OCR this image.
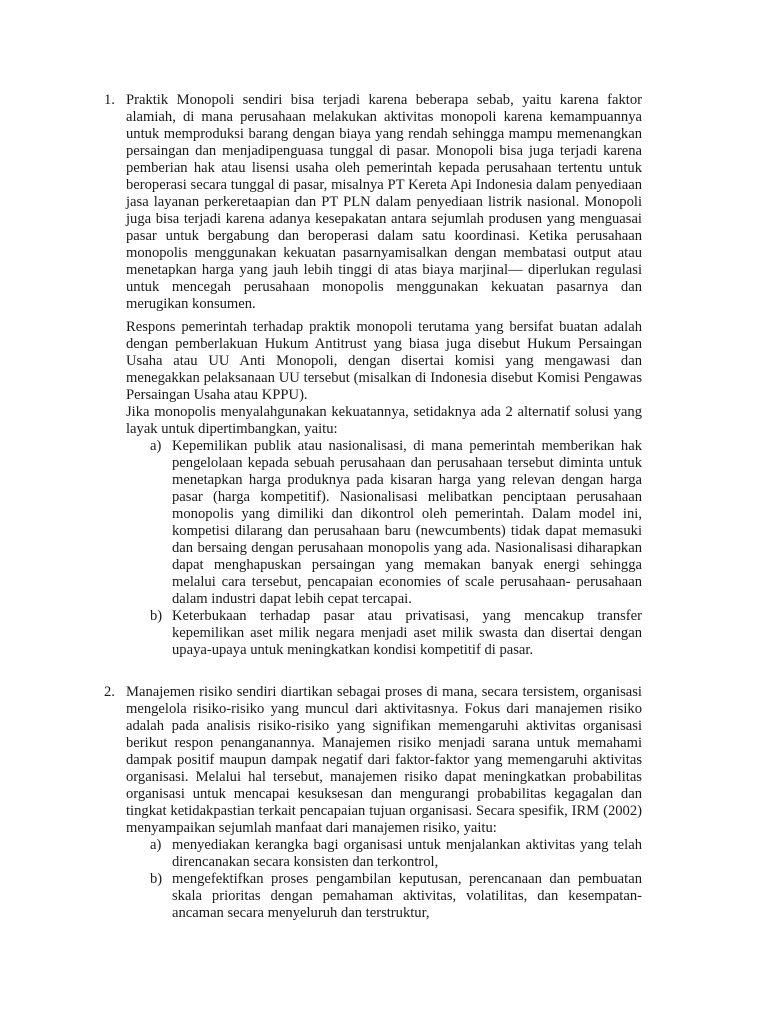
1. Praktik Monopoli sendiri bisa terjadi karena beberapa sebab, yaitu karena faktor alamiah, di mana perusahaan melakukan aktivitas monopoli karena kemampuannya untuk memproduksi barang dengan biaya yang rendah sehingga mampu memenangkan persaingan dan menjadipenguasa tunggal di pasar. Monopoli bisa juga terjadi karena pemberian hak atau lisensi usaha oleh pemerintah kepada perusahaan tertentu untuk beroperasi secara tunggal di pasar, misalnya PT Kereta Api Indonesia dalam penyediaan jasa layanan perkeretaapian dan PT PLN dalam penyediaan listrik nasional. Monopoli juga bisa terjadi karena adanya kesepakatan antara sejumlah produsen yang menguasai pasar untuk bergabung dan beroperasi dalam satu koordinasi. Ketika perusahaan monopolis menggunakan kekuatan pasarnyamisalkan dengan membatasi output atau menetapkan harga yang jauh lebih tinggi di atas biaya marjinal— diperlukan regulasi untuk mencegah perusahaan monopolis menggunakan kekuatan pasarnya dan merugikan konsumen.

Respons pemerintah terhadap praktik monopoli terutama yang bersifat buatan adalah dengan pemberlakuan Hukum Antitrust yang biasa juga disebut Hukum Persaingan Usaha atau UU Anti Monopoli, dengan disertai komisi yang mengawasi dan menegakkan pelaksanaan UU tersebut (misalkan di Indonesia disebut Komisi Pengawas Persaingan Usaha atau KPPU).

Jika monopolis menyalahgunakan kekuatannya, setidaknya ada 2 alternatif solusi yang layak untuk dipertimbangkan, yaitu:

a) Kepemilikan publik atau nasionalisasi, di mana pemerintah memberikan hak pengelolaan kepada sebuah perusahaan dan perusahaan tersebut diminta untuk menetapkan harga produknya pada kisaran harga yang relevan dengan harga pasar (harga kompetitif). Nasionalisasi melibatkan penciptaan perusahaan monopolis yang dimiliki dan dikontrol oleh pemerintah. Dalam model ini, kompetisi dilarang dan perusahaan baru (newcumbents) tidak dapat memasuki dan bersaing dengan perusahaan monopolis yang ada. Nasionalisasi diharapkan dapat menghapuskan persaingan yang memakan banyak energi sehingga melalui cara tersebut, pencapaian economies of scale perusahaan- perusahaan dalam industri dapat lebih cepat tercapai.

b) Keterbukaan terhadap pasar atau privatisasi, yang mencakup transfer kepemilikan aset milik negara menjadi aset milik swasta dan disertai dengan upaya-upaya untuk meningkatkan kondisi kompetitif di pasar.

2. Manajemen risiko sendiri diartikan sebagai proses di mana, secara tersistem, organisasi mengelola risiko-risiko yang muncul dari aktivitasnya. Fokus dari manajemen risiko adalah pada analisis risiko-risiko yang signifikan memengaruhi aktivitas organisasi berikut respon penanganannya. Manajemen risiko menjadi sarana untuk memahami dampak positif maupun dampak negatif dari faktor-faktor yang memengaruhi aktivitas organisasi. Melalui hal tersebut, manajemen risiko dapat meningkatkan probabilitas organisasi untuk mencapai kesuksesan dan mengurangi probabilitas kegagalan dan tingkat ketidakpastian terkait pencapaian tujuan organisasi. Secara spesifik, IRM (2002) menyampaikan sejumlah manfaat dari manajemen risiko, yaitu:

a) menyediakan kerangka bagi organisasi untuk menjalankan aktivitas yang telah direncanakan secara konsisten dan terkontrol,

b) mengefektifkan proses pengambilan keputusan, perencanaan dan pembuatan skala prioritas dengan pemahaman aktivitas, volatilitas, dan kesempatan-ancaman secara menyeluruh dan terstruktur,
